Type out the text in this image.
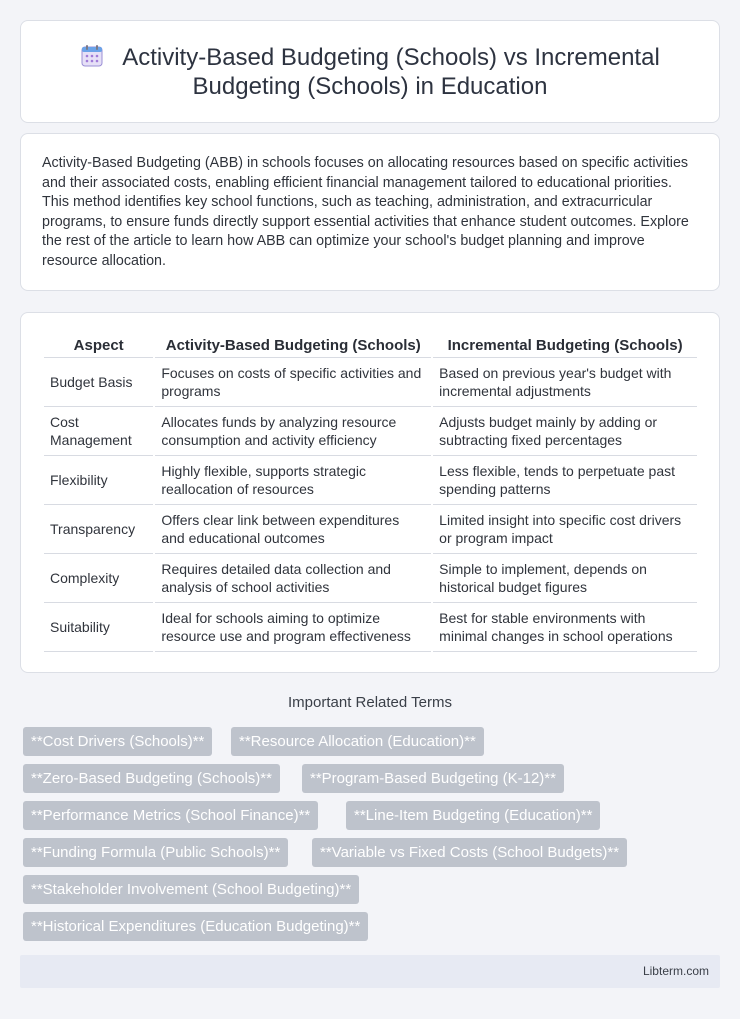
Activity-Based Budgeting (Schools) vs Incremental
Budgeting (Schools) in Education

Activity-Based Budgeting (ABB) in schools focuses on allocating resources based on specific activities and their associated costs, enabling efficient financial management tailored to educational priorities. This method identifies key school functions, such as teaching, administration, and extracurricular programs, to ensure funds directly support essential activities that enhance student outcomes. Explore the rest of the article to learn how ABB can optimize your school's budget planning and improve resource allocation.

Aspect	Activity-Based Budgeting (Schools)	Incremental Budgeting (Schools)
Budget Basis	Focuses on costs of specific activities and programs	Based on previous year's budget with incremental adjustments
Cost Management	Allocates funds by analyzing resource consumption and activity efficiency	Adjusts budget mainly by adding or subtracting fixed percentages
Flexibility	Highly flexible, supports strategic reallocation of resources	Less flexible, tends to perpetuate past spending patterns
Transparency	Offers clear link between expenditures and educational outcomes	Limited insight into specific cost drivers or program impact
Complexity	Requires detailed data collection and analysis of school activities	Simple to implement, depends on historical budget figures
Suitability	Ideal for schools aiming to optimize resource use and program effectiveness	Best for stable environments with minimal changes in school operations
Important Related Terms
**Cost Drivers (Schools)**	**Resource Allocation (Education)**
**Zero-Based Budgeting (Schools)**	**Program-Based Budgeting (K-12)**
**Performance Metrics (School Finance)**	**Line-Item Budgeting (Education)**
**Funding Formula (Public Schools)**	**Variable vs Fixed Costs (School Budgets)**
**Stakeholder Involvement (School Budgeting)**
**Historical Expenditures (Education Budgeting)**
Libterm.com
